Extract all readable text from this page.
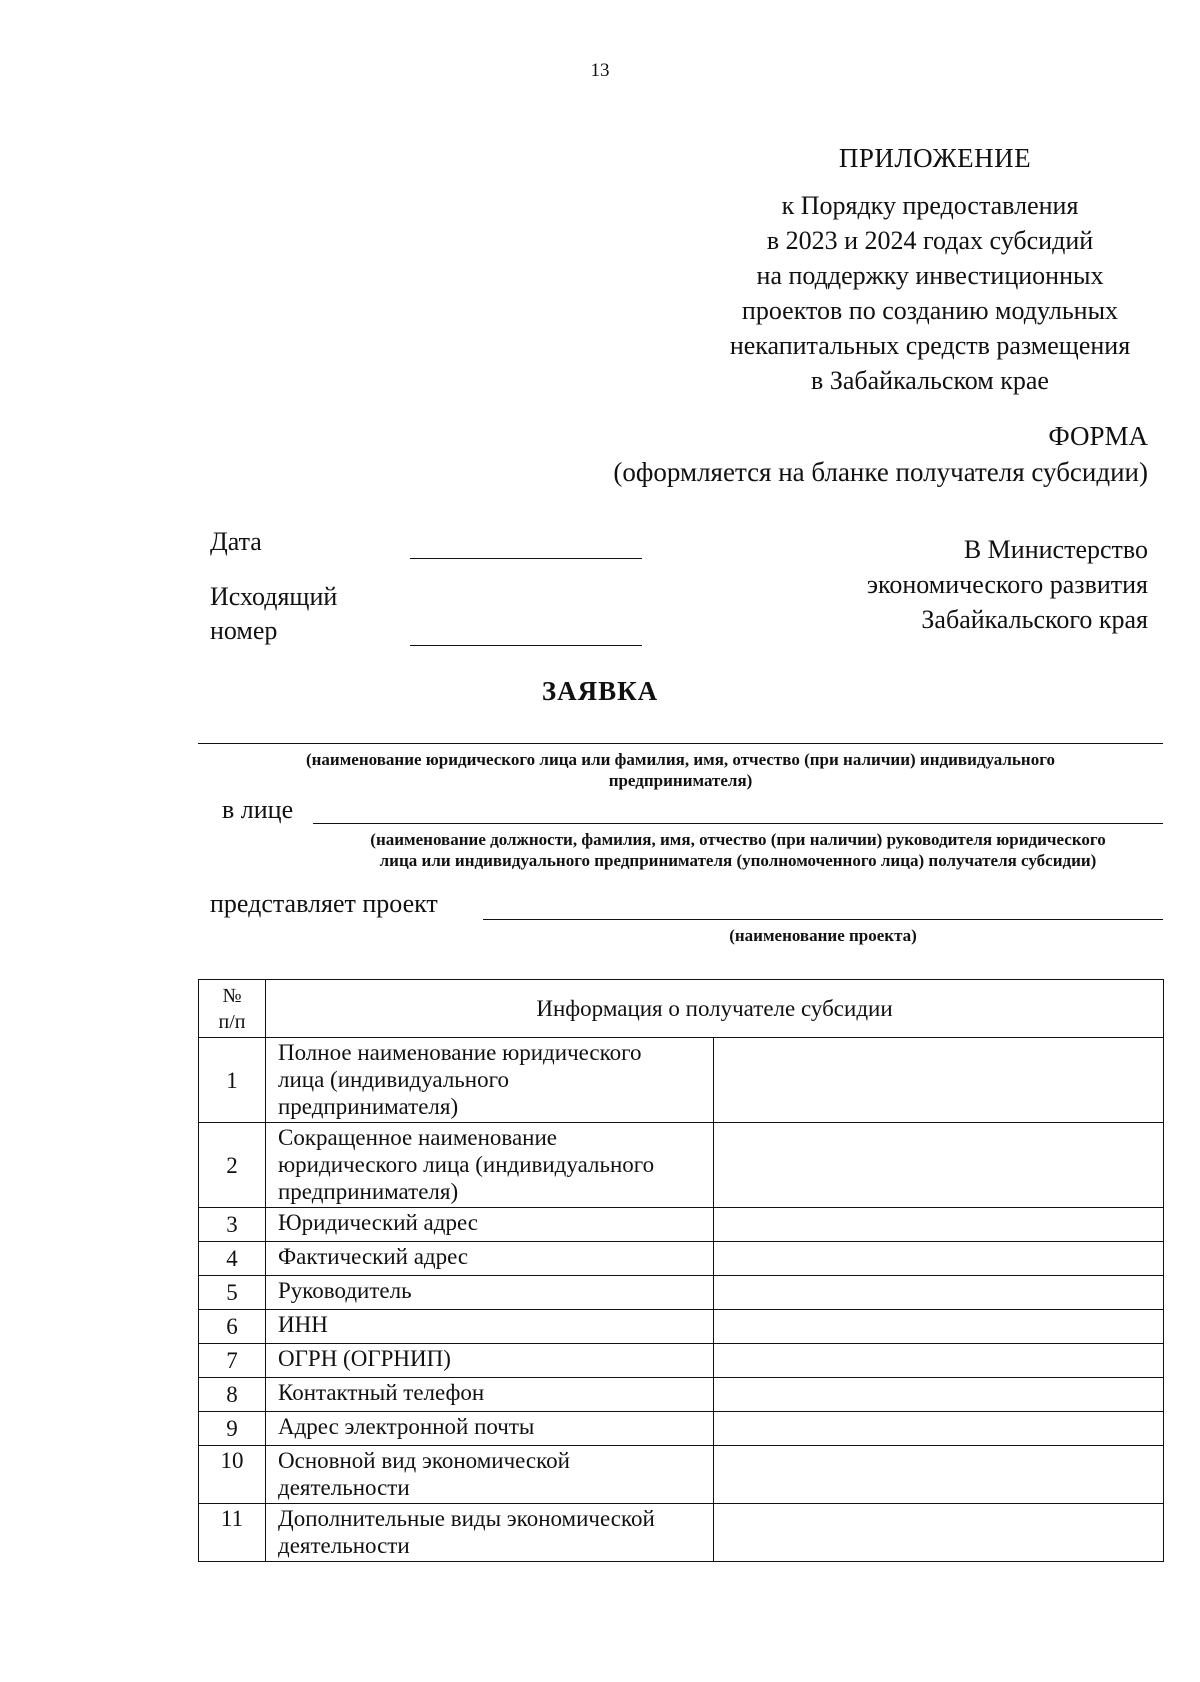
13
ПРИЛОЖЕНИЕ
к Порядку предоставления
в 2023 и 2024 годах субсидий
на поддержку инвестиционных
проектов по созданию модульных
некапитальных средств размещения
в Забайкальском крае
ФОРМА
(оформляется на бланке получателя субсидии)
Дата
Исходящий
номер
В Министерство
экономического развития
Забайкальского края
ЗАЯВКА
(наименование юридического лица или фамилия, имя, отчество (при наличии) индивидуального
предпринимателя)
в лице
(наименование должности, фамилия, имя, отчество (при наличии) руководителя юридического
лица или индивидуального предпринимателя (уполномоченного лица) получателя субсидии)
представляет проект
(наименование проекта)
№
п/п	Информация о получателе субсидии	
1	Полное наименование юридического
лица (индивидуального
предпринимателя)	

2	Сокращенное наименование
юридического лица (индивидуального
предпринимателя)	

3	Юридический адрес	
4	Фактический адрес	
5	Руководитель	
6	ИНН	
7	ОГРН (ОГРНИП)	
8	Контактный телефон	
9	Адрес электронной почты	
10	Основной вид экономической
деятельности	

11	Дополнительные виды экономической
деятельности	
